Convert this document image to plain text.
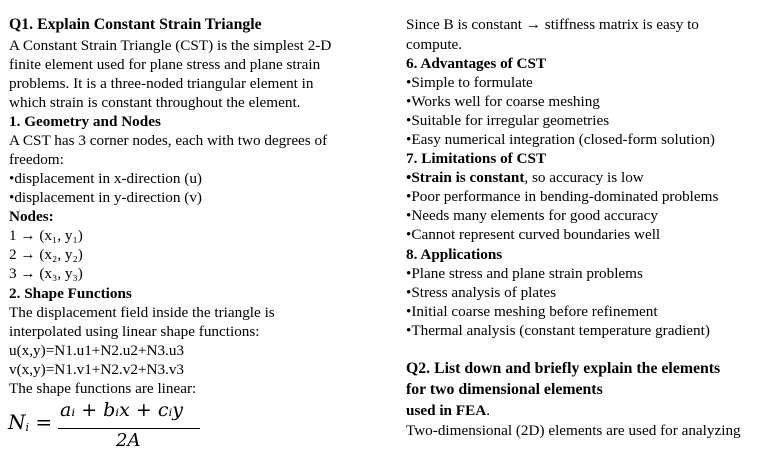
Q1. Explain Constant Strain Triangle
A Constant Strain Triangle (CST) is the simplest 2-D
finite element used for plane stress and plane strain
problems. It is a three-noded triangular element in
which strain is constant throughout the element.
1. Geometry and Nodes
A CST has 3 corner nodes, each with two degrees of
freedom:
•displacement in x-direction (u)
•displacement in y-direction (v)
Nodes:
1 → (x₁, y₁)
2 → (x₂, y₂)
3 → (x₃, y₃)
2. Shape Functions
The displacement field inside the triangle is
interpolated using linear shape functions:
u(x,y)=N1.u1+N2.u2+N3.u3
v(x,y)=N1.v1+N2.v2+N3.v3
The shape functions are linear:
Ni = aᵢ + bᵢx + cᵢy
2A
Since B is constant → stiffness matrix is easy to
compute.
6. Advantages of CST
•Simple to formulate
•Works well for coarse meshing
•Suitable for irregular geometries
•Easy numerical integration (closed-form solution)
7. Limitations of CST
•Strain is constant, so accuracy is low
•Poor performance in bending-dominated problems
•Needs many elements for good accuracy
•Cannot represent curved boundaries well
8. Applications
•Plane stress and plane strain problems
•Stress analysis of plates
•Initial coarse meshing before refinement
•Thermal analysis (constant temperature gradient)
Q2. List down and briefly explain the elements
for two dimensional elements
used in FEA.
Two-dimensional (2D) elements are used for analyzing
